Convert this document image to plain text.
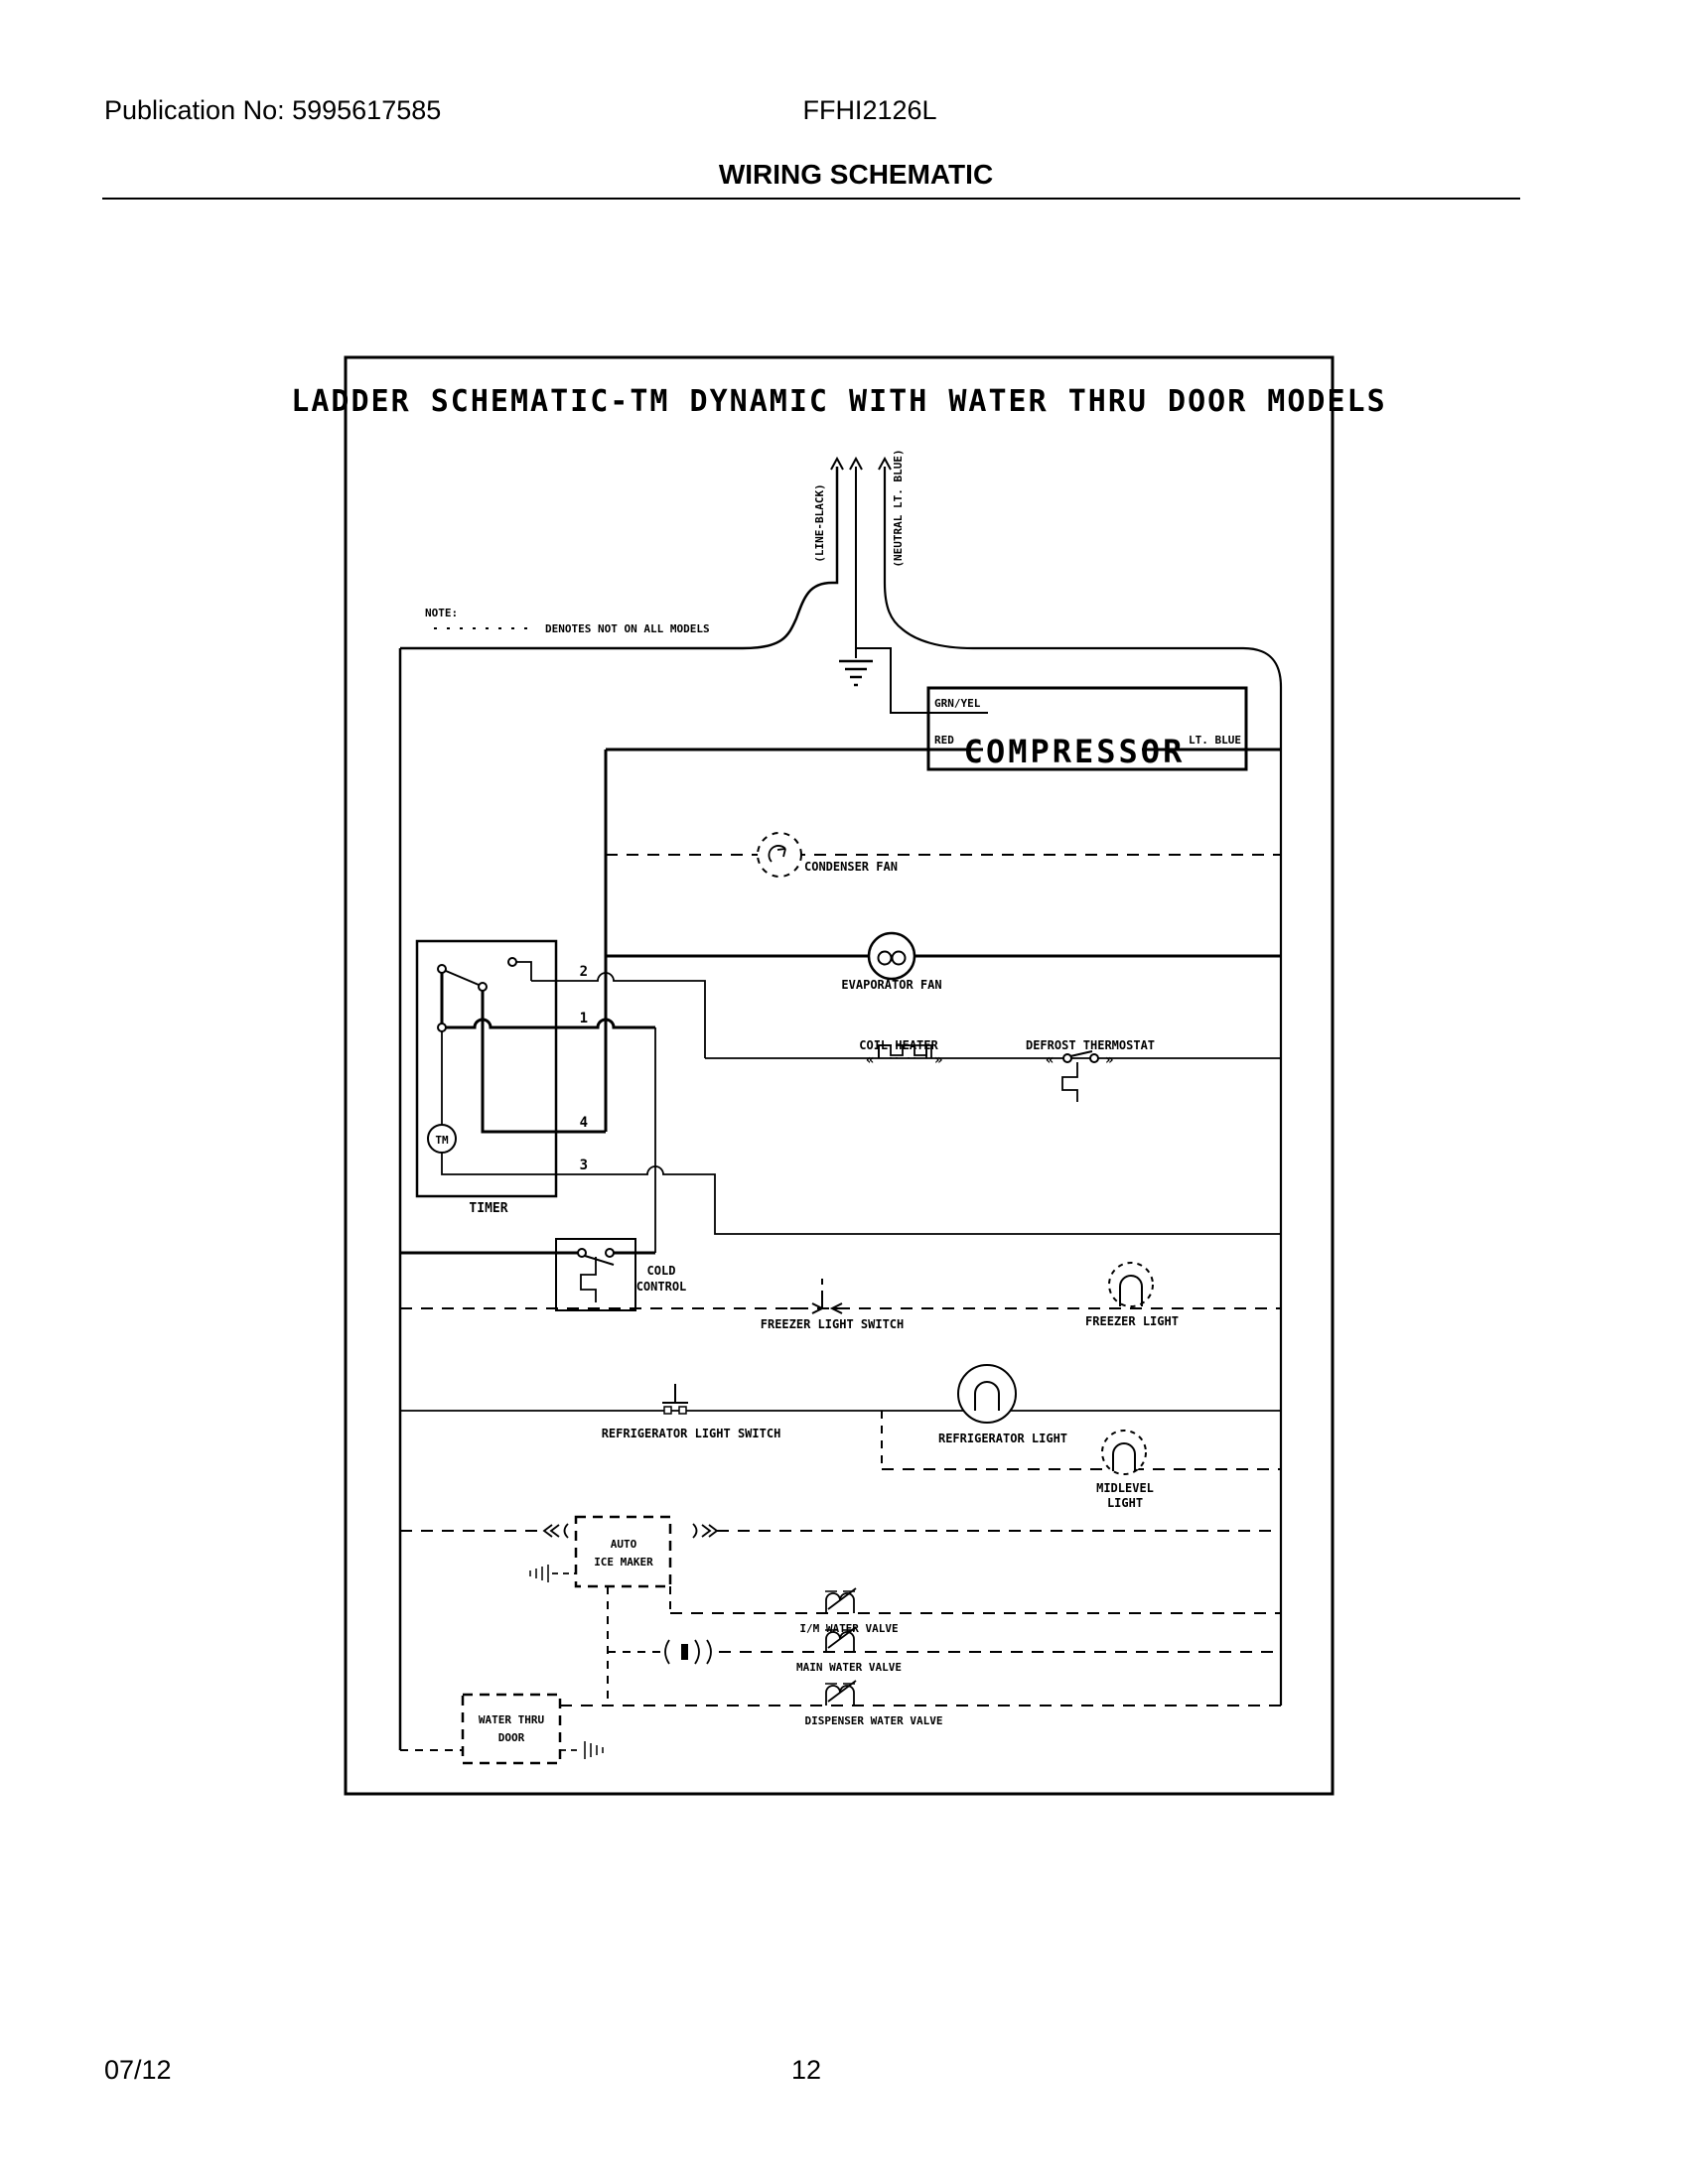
Publication No: 5995617585	FFHI2126L
WIRING SCHEMATIC
LADDER SCHEMATIC-TM DYNAMIC WITH WATER THRU DOOR MODELS
(LINE-BLACK)	(NEUTRAL LT. BLUE)
NOTE:
DENOTES NOT ON ALL MODELS
GRN/YEL
RED	LT. BLUE
COMPRESSOR
CONDENSER FAN
EVAPORATOR FAN
TM
2
1
4
3
TIMER
«	»
COIL HEATER
«	»
DEFROST THERMOSTAT
COLD
CONTROL
FREEZER LIGHT SWITCH	FREEZER LIGHT
REFRIGERATOR LIGHT SWITCH	REFRIGERATOR LIGHT
MIDLEVEL
LIGHT
AUTO
ICE MAKER
I/M WATER VALVE
MAIN WATER VALVE
DISPENSER WATER VALVE
WATER THRU
DOOR
07/12	12
